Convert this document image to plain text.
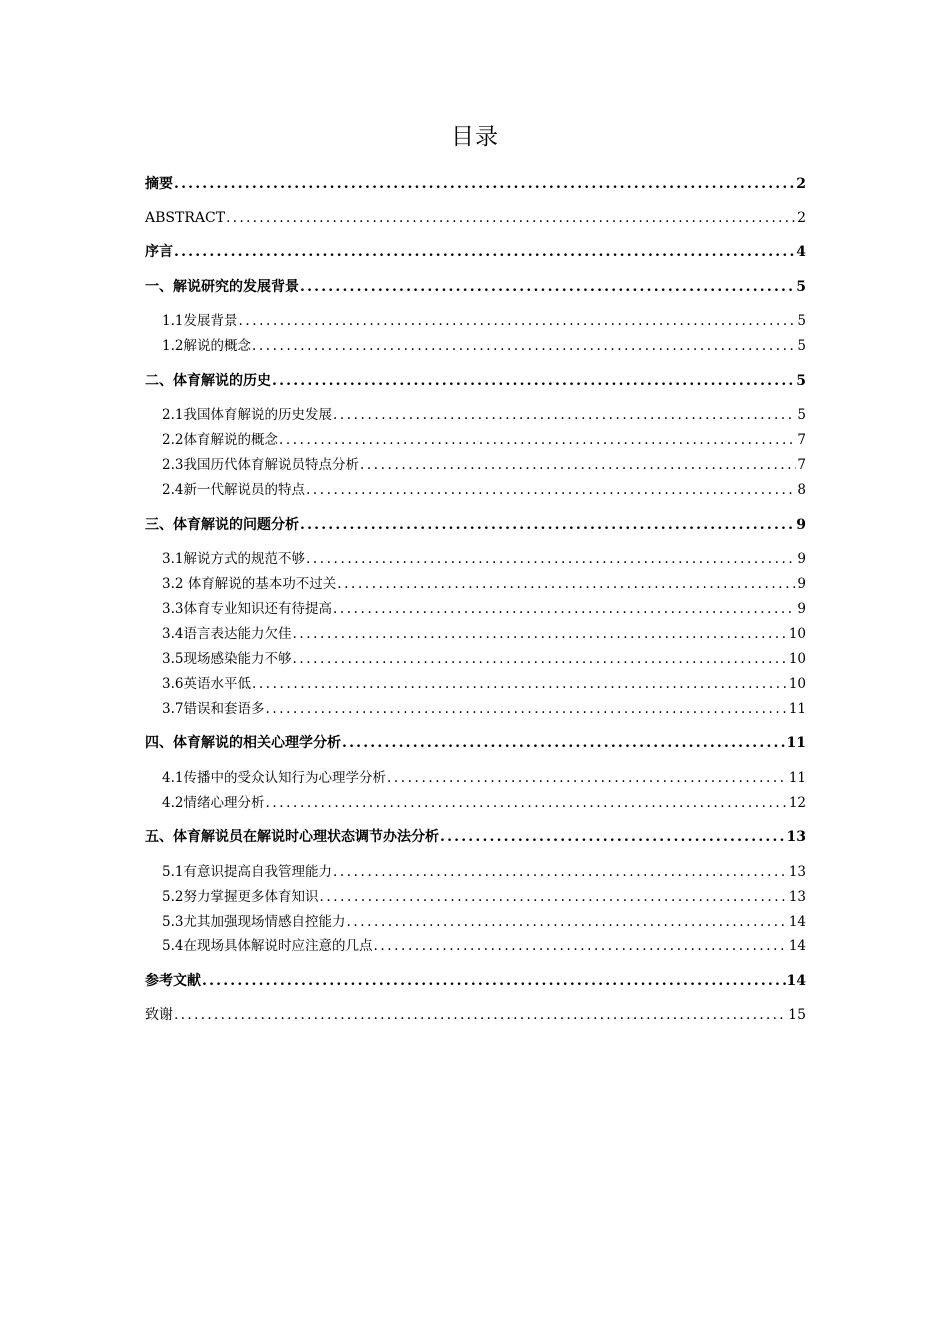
目录
摘要 .....	2
ABSTRACT .....	2
序言 .....	4
一、解说研究的发展背景 .....	5
1.1发展背景 .....	5
1.2解说的概念 .....	5
二、体育解说的历史 .....	5
2.1我国体育解说的历史发展 .....	5
2.2体育解说的概念 .....	7
2.3我国历代体育解说员特点分析 .....	7
2.4新一代解说员的特点 .....	8
三、体育解说的问题分析 .....	9
3.1解说方式的规范不够 .....	9
3.2 体育解说的基本功不过关 .....	9
3.3体育专业知识还有待提高 .....	9
3.4语言表达能力欠佳 .....	10
3.5现场感染能力不够 .....	10
3.6英语水平低 .....	10
3.7错误和套语多 .....	11
四、体育解说的相关心理学分析 .....	11
4.1传播中的受众认知行为心理学分析 .....	11
4.2情绪心理分析 .....	12
五、体育解说员在解说时心理状态调节办法分析 .....	13
5.1有意识提高自我管理能力 .....	13
5.2努力掌握更多体育知识 .....	13
5.3尤其加强现场情感自控能力 .....	14
5.4在现场具体解说时应注意的几点 .....	14
参考文献 .....	14
致谢 .....	15
